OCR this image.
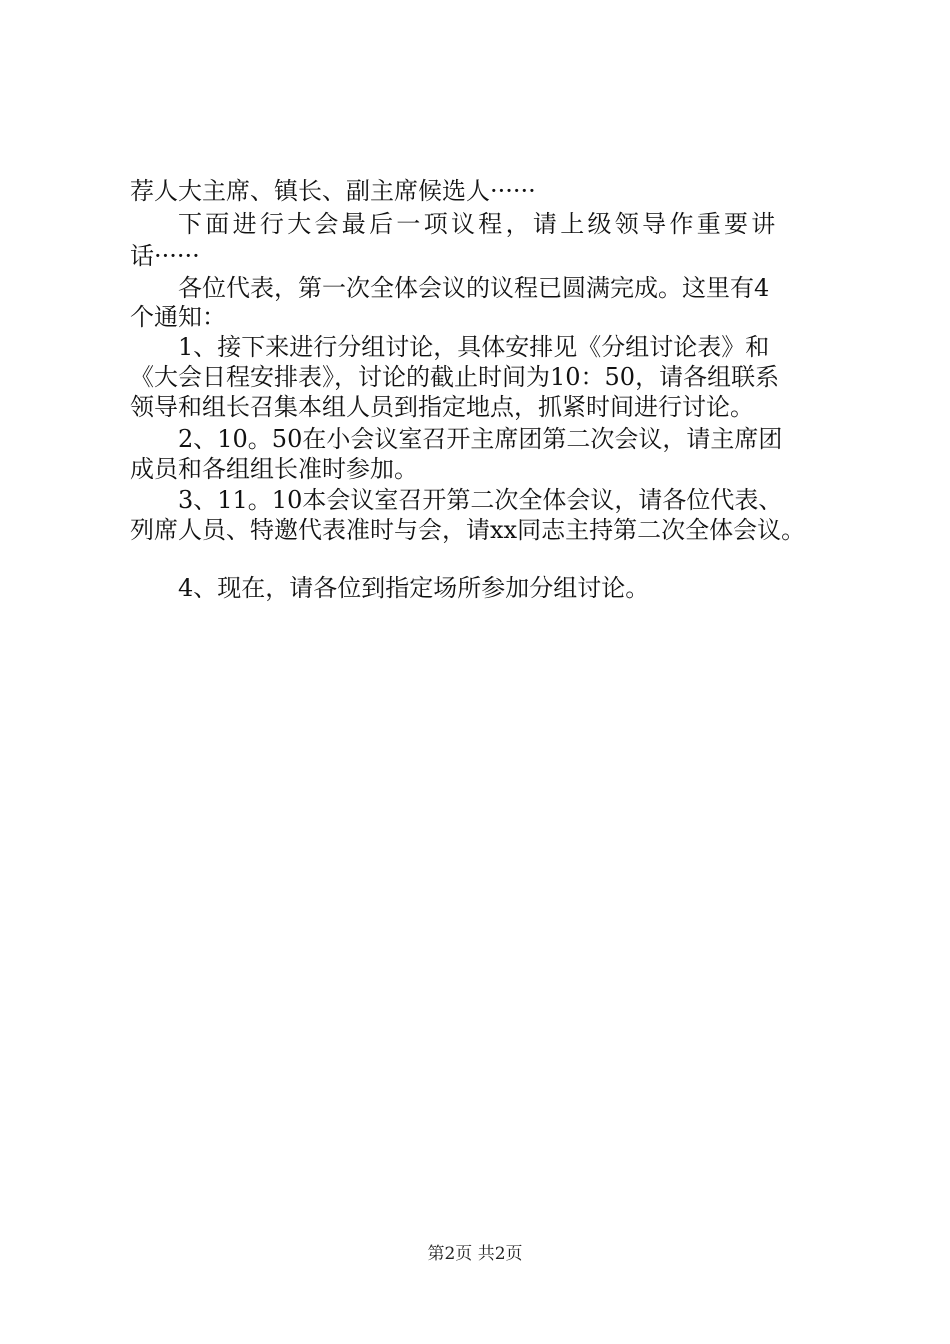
荐人大主席、镇长、副主席候选人······
下面进行大会最后一项议程，请上级领导作重要讲
话······
各位代表，第一次全体会议的议程已圆满完成。这里有4
个通知：
1、接下来进行分组讨论，具体安排见《分组讨论表》和
《大会日程安排表》，讨论的截止时间为10：50，请各组联系
领导和组长召集本组人员到指定地点，抓紧时间进行讨论。
2、10。50在小会议室召开主席团第二次会议，请主席团
成员和各组组长准时参加。
3、11。10本会议室召开第二次全体会议，请各位代表、
列席人员、特邀代表准时与会，请xx同志主持第二次全体会议。
4、现在，请各位到指定场所参加分组讨论。
第2页 共2页
